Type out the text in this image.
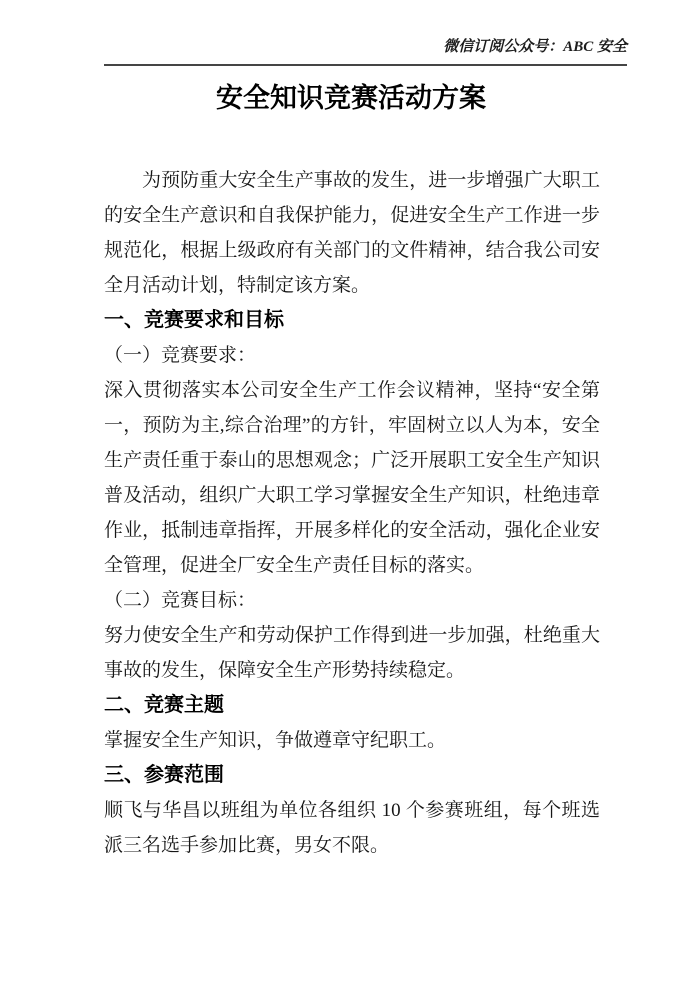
微信订阅公众号：ABC 安全
安全知识竞赛活动方案

为预防重大安全生产事故的发生，进一步增强广大职工的安全生产意识和自我保护能力，促进安全生产工作进一步规范化，根据上级政府有关部门的文件精神，结合我公司安全月活动计划，特制定该方案。

一、竞赛要求和目标

（一）竞赛要求：

深入贯彻落实本公司安全生产工作会议精神，坚持“安全第一，预防为主,综合治理”的方针，牢固树立以人为本，安全生产责任重于泰山的思想观念；广泛开展职工安全生产知识普及活动，组织广大职工学习掌握安全生产知识，杜绝违章作业，抵制违章指挥，开展多样化的安全活动，强化企业安全管理，促进全厂安全生产责任目标的落实。

（二）竞赛目标：

努力使安全生产和劳动保护工作得到进一步加强，杜绝重大事故的发生，保障安全生产形势持续稳定。

二、竞赛主题

掌握安全生产知识，争做遵章守纪职工。

三、参赛范围

顺飞与华昌以班组为单位各组织 10 个参赛班组，每个班选派三名选手参加比赛，男女不限。
